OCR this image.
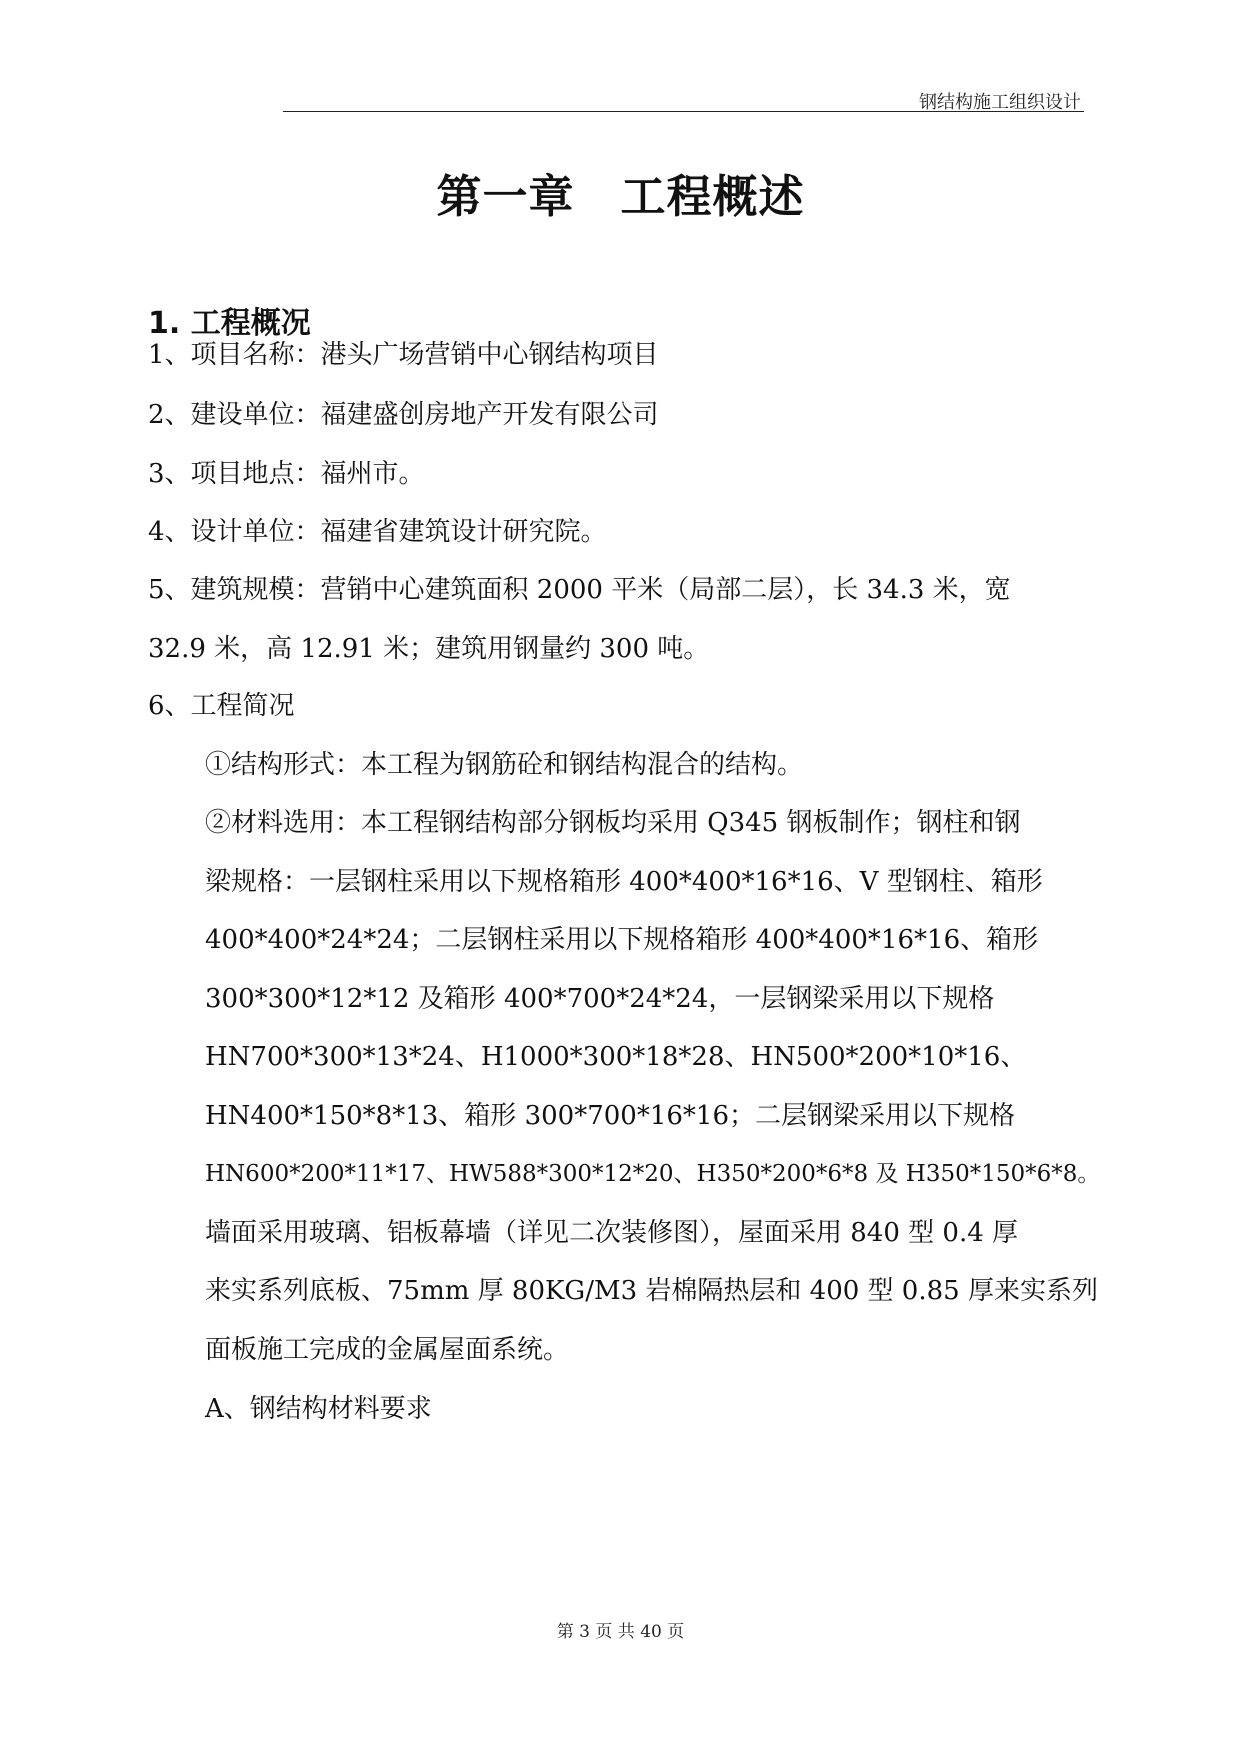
钢结构施工组织设计
第一章　工程概述
1. 工程概况
1、项目名称：港头广场营销中心钢结构项目
2、建设单位：福建盛创房地产开发有限公司
3、项目地点：福州市。
4、设计单位：福建省建筑设计研究院。
5、建筑规模：营销中心建筑面积 2000 平米（局部二层），长 34.3 米，宽
32.9 米，高 12.91 米；建筑用钢量约 300 吨。
6、工程简况
①结构形式：本工程为钢筋砼和钢结构混合的结构。
②材料选用：本工程钢结构部分钢板均采用 Q345 钢板制作；钢柱和钢
梁规格：一层钢柱采用以下规格箱形 400*400*16*16、V 型钢柱、箱形
400*400*24*24；二层钢柱采用以下规格箱形 400*400*16*16、箱形
300*300*12*12 及箱形 400*700*24*24，一层钢梁采用以下规格
HN700*300*13*24、H1000*300*18*28、HN500*200*10*16、
HN400*150*8*13、箱形 300*700*16*16；二层钢梁采用以下规格
HN600*200*11*17、HW588*300*12*20、H350*200*6*8 及 H350*150*6*8。
墙面采用玻璃、铝板幕墙（详见二次装修图），屋面采用 840 型 0.4 厚
来实系列底板、75mm 厚 80KG/M3 岩棉隔热层和 400 型 0.85 厚来实系列
面板施工完成的金属屋面系统。
A、钢结构材料要求
第 3 页 共 40 页
